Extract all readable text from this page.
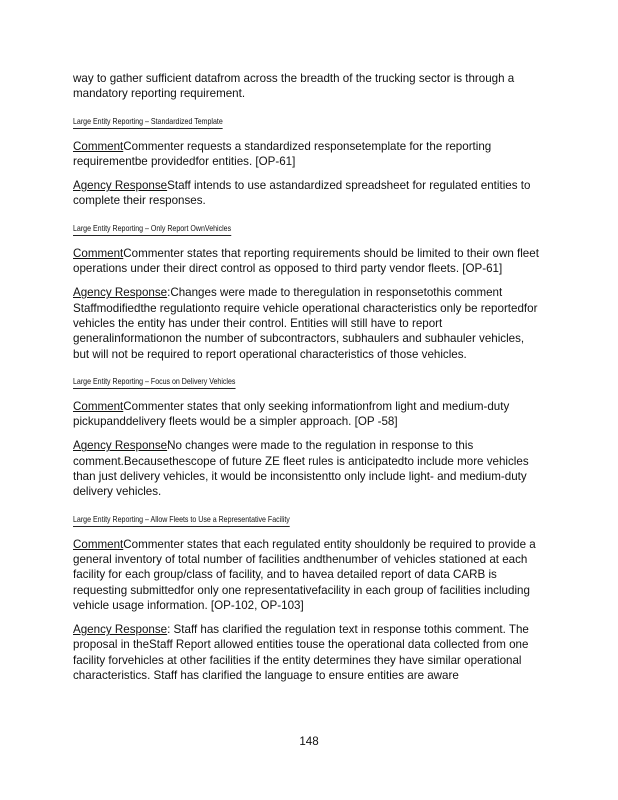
way to gather sufficient datafrom across the breadth of the trucking sector is through a mandatory reporting requirement.

Large Entity Reporting – Standardized Template

CommentCommenter requests a standardized responsetemplate for the reporting requirementbe providedfor entities. [OP-61]

Agency ResponseStaff intends to use astandardized spreadsheet for regulated entities to complete their responses.

Large Entity Reporting – Only Report OwnVehicles

CommentCommenter states that reporting requirements should be limited to their own fleet operations under their direct control as opposed to third party vendor fleets. [OP-61]

Agency Response:Changes were made to theregulation in responsetothis comment Staffmodifiedthe regulationto require vehicle operational characteristics only be reportedfor vehicles the entity has under their control. Entities will still have to report generalinformationon the number of subcontractors, subhaulers and subhauler vehicles, but will not be required to report operational characteristics of those vehicles.

Large Entity Reporting – Focus on Delivery Vehicles

CommentCommenter states that only seeking informationfrom light and medium-duty pickupanddelivery fleets would be a simpler approach. [OP -58]

Agency ResponseNo changes were made to the regulation in response to this comment.Becausethescope of future ZE fleet rules is anticipatedto include more vehicles than just delivery vehicles, it would be inconsistentto only include light- and medium-duty delivery vehicles.

Large Entity Reporting – Allow Fleets to Use a Representative Facility

CommentCommenter states that each regulated entity shouldonly be required to provide a general inventory of total number of facilities andthenumber of vehicles stationed at each facility for each group/class of facility, and to havea detailed report of data CARB is requesting submittedfor only one representativefacility in each group of facilities including vehicle usage information. [OP-102, OP-103]

Agency Response: Staff has clarified the regulation text in response tothis comment. The proposal in theStaff Report allowed entities touse the operational data collected from one facility forvehicles at other facilities if the entity determines they have similar operational characteristics. Staff has clarified the language to ensure entities are aware

148
